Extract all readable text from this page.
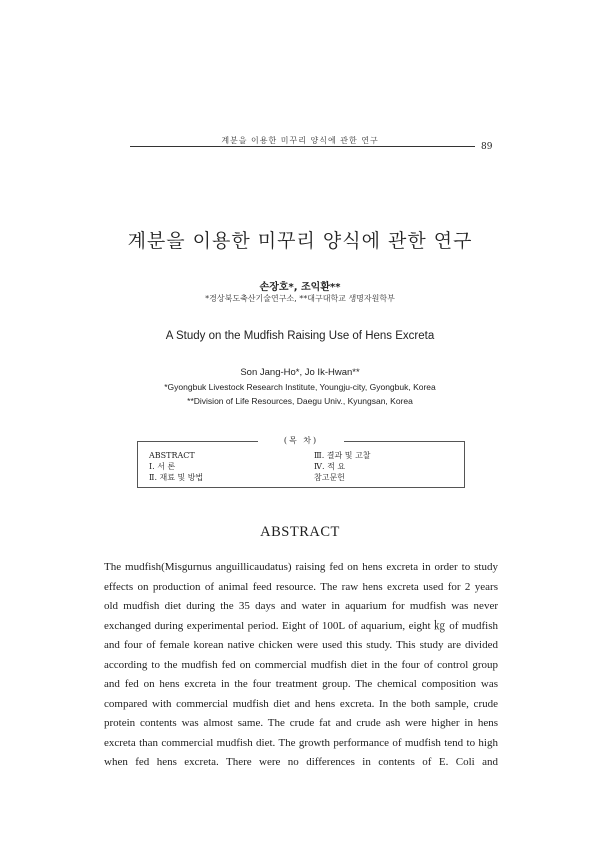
계분을 이용한 미꾸리 양식에 관한 연구
89
계분을 이용한 미꾸리 양식에 관한 연구
손장호*, 조익환**
*경상북도축산기술연구소, **대구대학교 생명자원학부
A Study on the Mudfish Raising Use of Hens Excreta
Son Jang-Ho*, Jo Ik-Hwan**
*Gyongbuk Livestock Research Institute, Youngju-city, Gyongbuk, Korea
**Division of Life Resources, Daegu Univ., Kyungsan, Korea
(목 차)
ABSTRACT
Ⅰ. 서 론
Ⅱ. 재료 및 방법
Ⅲ. 결과 및 고찰
Ⅳ. 적 요
참고문헌
ABSTRACT
The mudfish(Misgurnus anguillicaudatus) raising fed on hens excreta in order to study
effects on production of animal feed resource. The raw hens excreta used for 2 years
old mudfish diet during the 35 days and water in aquarium for mudfish was never
exchanged during experimental period. Eight of 100L of aquarium, eight ㎏ of mudfish
and four of female korean native chicken were used this study. This study are divided
according to the mudfish fed on commercial mudfish diet in the four of control group
and fed on hens excreta in the four treatment group. The chemical composition was
compared with commercial mudfish diet and hens excreta. In the both sample, crude
protein contents was almost same. The crude fat and crude ash were higher in hens
excreta than commercial mudfish diet. The growth performance of mudfish tend to high
when fed hens excreta. There were no differences in contents of E. Coli and
